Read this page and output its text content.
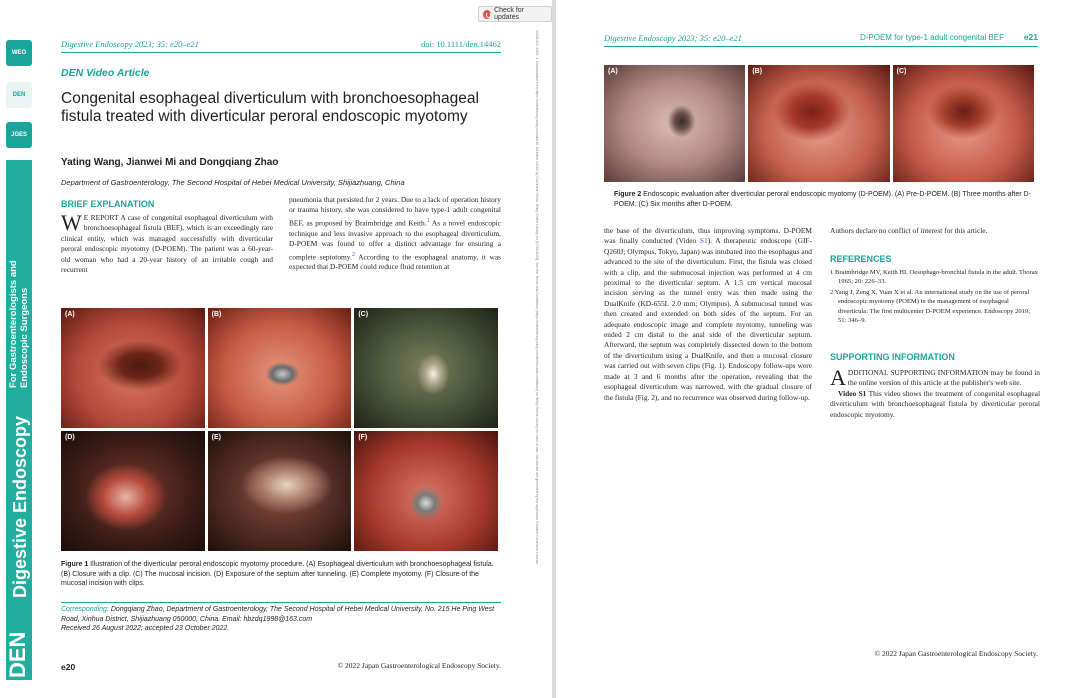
WEO
DEN
JGES
DEN
Digestive Endoscopy
For Gastroenterologists and Endoscopic Surgeons
Check for updates
Digestive Endoscopy 2023; 35: e20–e21	doi: 10.1111/den.14462
DEN Video Article
Congenital esophageal diverticulum with bronchoesophageal fistula treated with diverticular peroral endoscopic myotomy
Yating Wang, Jianwei Mi and Dongqiang Zhao
Department of Gastroenterology, The Second Hospital of Hebei Medical University, Shijiazhuang, China
BRIEF EXPLANATION
W E REPORT A case of congenital esophageal diverticulum with bronchoesophageal fistula (BEF), which is an exceedingly rare clinical entity, which was managed successfully with diverticular peroral endoscopic myotomy (D-POEM). The patient was a 60-year-old woman who had a 20-year history of an irritable cough and recurrent
pneumonia that persisted for 2 years. Due to a lack of operation history or trauma history, she was considered to have type-1 adult congenital BEF, as proposed by Braimbridge and Keith.$^1$ As a novel endoscopic technique and less invasive approach to the esophageal diverticulum, D-POEM was found to offer a distinct advantage for ensuring a complete septotomy.$^2$ According to the esophageal anatomy, it was expected that D-POEM could reduce fluid retention at
(A)	(B)	(C)
(D)	(E)	(F)
Figure 1 Illustration of the diverticular peroral endoscopic myotomy procedure. (A) Esophageal diverticulum with bronchoesophageal fistula. (B) Closure with a clip. (C) The mucosal incision. (D) Exposure of the septum after tunneling. (E) Complete myotomy. (F) Closure of the mucosal incision with clips.
Corresponding: Dongqiang Zhao, Department of Gastroenterology, The Second Hospital of Hebei Medical University, No. 215 He Ping West Road, Xinhua District, Shijiazhuang 050000, China. Email: hbzdq1998@163.com
Received 26 August 2022; accepted 23 October 2022.
e20	© 2022 Japan Gastroenterological Endoscopy Society.
14431443, 2023, 1, Downloaded from https://onlinelibrary.wiley.com/doi/10.1111/den.14462 by Cochrane China, Wiley Online Library on [17/01/2023]. See the Terms and Conditions (https://onlinelibrary.wiley.com/terms-and-conditions) on Wiley Online Library for rules of use; OA articles are governed by the applicable Creative Commons License	Digestive Endoscopy 2023; 35: e20–e21	D-POEM for type-1 adult congenital BEF e21
(A)	(B)	(C)
Figure 2 Endoscopic evaluation after diverticular peroral endoscopic myotomy (D-POEM). (A) Pre-D-POEM. (B) Three months after D-POEM. (C) Six months after D-POEM.
the base of the diverticulum, thus improving symptoms. D-POEM was finally conducted (Video S1). A therapeutic endoscope (GIF-Q260J; Olympus, Tokyo, Japan) was intubated into the esophagus and advanced to the site of the diverticulum. First, the fistula was closed with a clip, and the submucosal injection was performed at 4 cm proximal to the diverticular septum. A 1.5 cm vertical mucosal incision serving as the tunnel entry was then made using the DualKnife (KD-655L 2.0 mm; Olympus). A submucosal tunnel was then created and extended on both sides of the septum. For an adequate endoscopic image and complete myotomy, tunneling was ended 2 cm distal to the anal side of the diverticular septum. Afterward, the septum was completely dissected down to the bottom of the diverticulum using a DualKnife, and then a mucosal closure was carried out with seven clips (Fig. 1). Endoscopy follow-ups were made at 3 and 6 months after the operation, revealing that the esophageal diverticulum was narrowed, with the gradual closure of the fistula (Fig. 2), and no recurrence was observed during follow-up.
Authors declare no conflict of interest for this article.
REFERENCES
1 Braimbridge MV, Keith HI. Oesophago-bronchial fistula in the adult. Thorax 1965; 20: 226–33.
2 Yang J, Zeng X, Yuan X et al. An international study on the use of peroral endoscopic myotomy (POEM) in the management of esophageal diverticula: The first multicenter D-POEM experience. Endoscopy 2019; 51: 346–9.
SUPPORTING INFORMATION
ADDITIONAL SUPPORTING INFORMATION may be found in the online version of this article at the publisher's web site.
Video S1 This video shows the treatment of congenital esophageal diverticulum with bronchoesophageal fistula by diverticular peroral endoscopic myotomy.
© 2022 Japan Gastroenterological Endoscopy Society.
